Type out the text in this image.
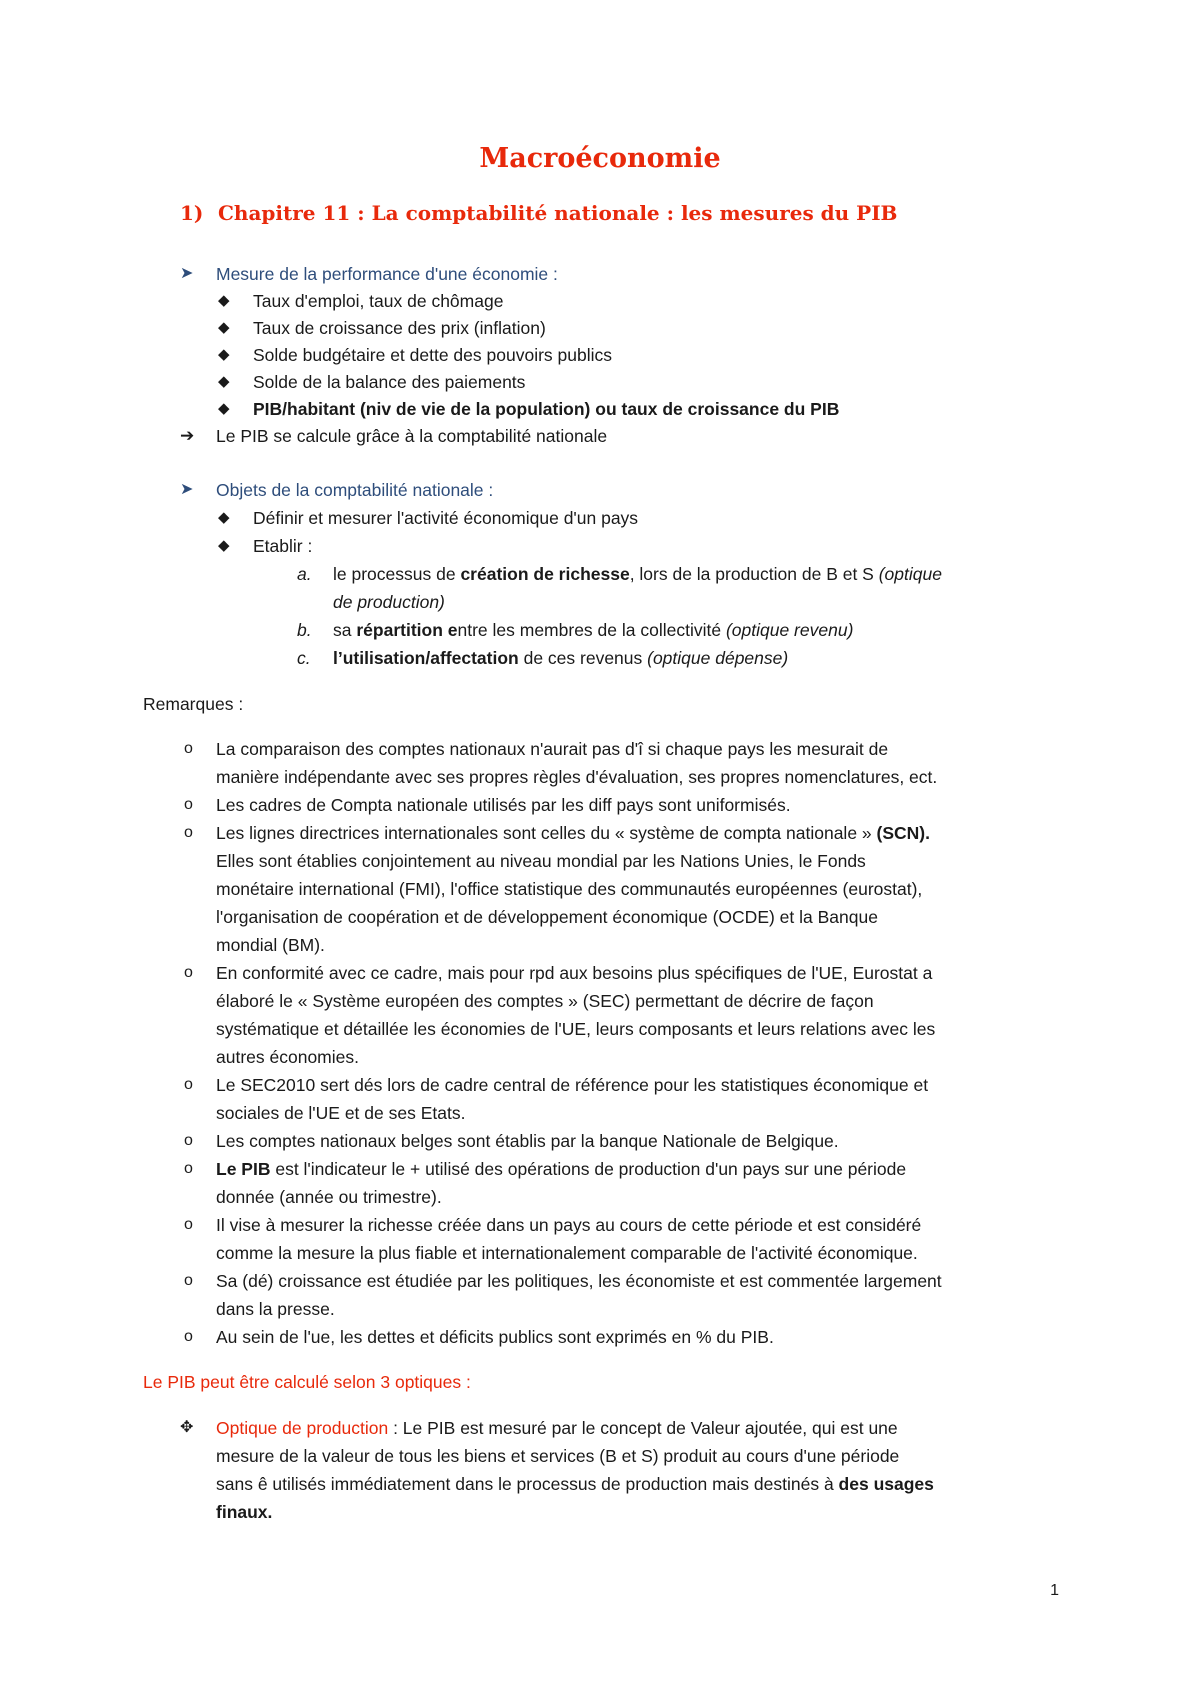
Macroéconomie
1) Chapitre 11 : La comptabilité nationale : les mesures du PIB
➤ Mesure de la performance d'une économie :
◆ Taux d'emploi, taux de chômage
◆ Taux de croissance des prix (inflation)
◆ Solde budgétaire et dette des pouvoirs publics
◆ Solde de la balance des paiements
◆ PIB/habitant (niv de vie de la population) ou taux de croissance du PIB
➔ Le PIB se calcule grâce à la comptabilité nationale
➤ Objets de la comptabilité nationale :
◆ Définir et mesurer l'activité économique d'un pays
◆ Etablir :
a. le processus de création de richesse, lors de la production de B et S (optique
de production)
b. sa répartition entre les membres de la collectivité (optique revenu)
c. l’utilisation/affectation de ces revenus (optique dépense)
Remarques :
o La comparaison des comptes nationaux n'aurait pas d'î si chaque pays les mesurait de
manière indépendante avec ses propres règles d'évaluation, ses propres nomenclatures, ect.
o Les cadres de Compta nationale utilisés par les diff pays sont uniformisés.
o Les lignes directrices internationales sont celles du « système de compta nationale » (SCN).
Elles sont établies conjointement au niveau mondial par les Nations Unies, le Fonds
monétaire international (FMI), l'office statistique des communautés européennes (eurostat),
l'organisation de coopération et de développement économique (OCDE) et la Banque
mondial (BM).
o En conformité avec ce cadre, mais pour rpd aux besoins plus spécifiques de l'UE, Eurostat a
élaboré le « Système européen des comptes » (SEC) permettant de décrire de façon
systématique et détaillée les économies de l'UE, leurs composants et leurs relations avec les
autres économies.
o Le SEC2010 sert dés lors de cadre central de référence pour les statistiques économique et
sociales de l'UE et de ses Etats.
o Les comptes nationaux belges sont établis par la banque Nationale de Belgique.
o Le PIB est l'indicateur le + utilisé des opérations de production d'un pays sur une période
donnée (année ou trimestre).
o Il vise à mesurer la richesse créée dans un pays au cours de cette période et est considéré
comme la mesure la plus fiable et internationalement comparable de l'activité économique.
o Sa (dé) croissance est étudiée par les politiques, les économiste et est commentée largement
dans la presse.
o Au sein de l'ue, les dettes et déficits publics sont exprimés en % du PIB.
Le PIB peut être calculé selon 3 optiques :
✥ Optique de production : Le PIB est mesuré par le concept de Valeur ajoutée, qui est une
mesure de la valeur de tous les biens et services (B et S) produit au cours d'une période
sans ê utilisés immédiatement dans le processus de production mais destinés à des usages
finaux.
1
